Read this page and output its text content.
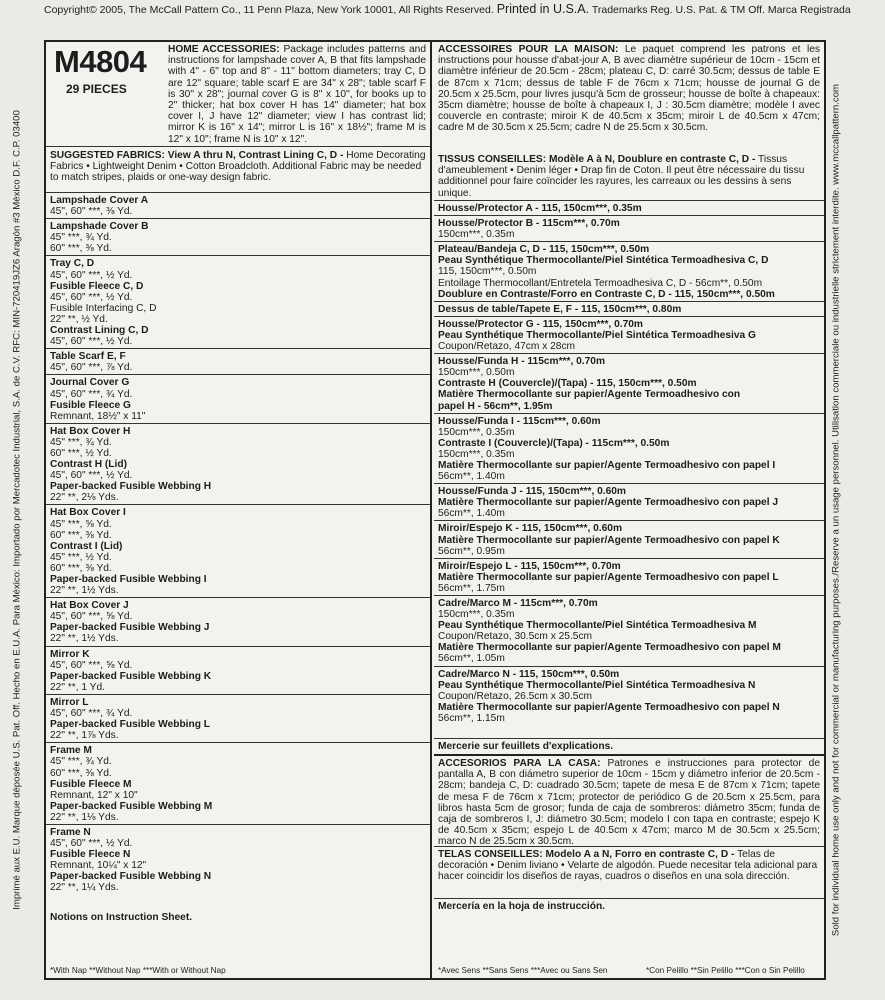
Copyright© 2005, The McCall Pattern Co., 11 Penn Plaza, New York 10001, All Rights Reserved. Printed in U.S.A. Trademarks Reg. U.S. Pat. & TM Off. Marca Registrada
Imprimé aux E.U. Marque déposée U.S. Pat. Off. Hecho en E.U.A. Para México: Importado por Mercadotec Industrial, S.A. de C.V. RFC: MIN-720419JZ6 Aragón #3 México D.F. C.P. 03400	Sold for individual home use only and not for commercial or manufacturing purposes./Reserve a un usage personnel. Utilisation commerciale ou industrielle strictement interdite. www.mccallpattern.com
M4804
29 PIECES
HOME ACCESSORIES: Package includes patterns and instructions for lampshade cover A, B that fits lampshade with 4" - 6" top and 8" - 11" bottom diameters; tray C, D are 12" square; table scarf E are 34" x 28"; table scarf F is 30" x 28"; journal cover G is 8" x 10", for books up to 2" thicker; hat box cover H has 14" diameter; hat box cover I, J have 12" diameter; view I has contrast lid; mirror K is 16" x 14"; mirror L is 16" x 18½"; frame M is 12" x 10"; frame N is 10" x 12".
SUGGESTED FABRICS: View A thru N, Contrast Lining C, D - Home Decorating Fabrics • Lightweight Denim • Cotton Broadcloth. Additional Fabric may be needed to match stripes, plaids or one-way design fabric.
Lampshade Cover A
45", 60" ***, ⅜ Yd.
Lampshade Cover B
45" ***, ¾ Yd.
60" ***, ⅜ Yd.
Tray C, D
45", 60" ***, ½ Yd.
Fusible Fleece C, D
45", 60" ***, ½ Yd.
Fusible Interfacing C, D
22" **, ½ Yd.
Contrast Lining C, D
45", 60" ***, ½ Yd.
Table Scarf E, F
45", 60" ***, ⅞ Yd.
Journal Cover G
45", 60" ***, ¾ Yd.
Fusible Fleece G
Remnant, 18½" x 11"
Hat Box Cover H
45" ***, ¾ Yd.
60" ***, ½ Yd.
Contrast H (Lid)
45", 60" ***, ½ Yd.
Paper-backed Fusible Webbing H
22" **, 2⅛ Yds.
Hat Box Cover I
45" ***, ⅝ Yd.
60" ***, ⅜ Yd.
Contrast I (Lid)
45" ***, ½ Yd.
60" ***, ⅜ Yd.
Paper-backed Fusible Webbing I
22" **, 1½ Yds.
Hat Box Cover J
45", 60" ***, ⅝ Yd.
Paper-backed Fusible Webbing J
22" **, 1½ Yds.
Mirror K
45", 60" ***, ⅝ Yd.
Paper-backed Fusible Webbing K
22" **, 1 Yd.
Mirror L
45", 60" ***, ¾ Yd.
Paper-backed Fusible Webbing L
22" **, 1⅞ Yds.
Frame M
45" ***, ¾ Yd.
60" ***, ⅜ Yd.
Fusible Fleece M
Remnant, 12" x 10"
Paper-backed Fusible Webbing M
22" **, 1⅛ Yds.
Frame N
45", 60" ***, ½ Yd.
Fusible Fleece N
Remnant, 10¼" x 12"
Paper-backed Fusible Webbing N
22" **, 1¼ Yds.
Notions on Instruction Sheet.
*With Nap **Without Nap ***With or Without Nap
ACCESSOIRES POUR LA MAISON: Le paquet comprend les patrons et les instructions pour housse d'abat-jour A, B avec diamètre supérieur de 10cm - 15cm et diamètre inférieur de 20.5cm - 28cm; plateau C, D: carré 30.5cm; dessus de table E de 87cm x 71cm; dessus de table F de 76cm x 71cm; housse de journal G de 20.5cm x 25.5cm, pour livres jusqu'à 5cm de grosseur; housse de boîte à chapeaux: 35cm diamètre; housse de boîte à chapeaux I, J : 30.5cm diamètre; modèle I avec couvercle en contraste; miroir K de 40.5cm x 35cm; miroir L de 40.5cm x 47cm; cadre M de 30.5cm x 25.5cm; cadre N de 25.5cm x 30.5cm.
TISSUS CONSEILLES: Modèle A à N, Doublure en contraste C, D - Tissus d'ameublement • Denim léger • Drap fin de Coton. Il peut être nécessaire du tissu additionnel pour faire coïncider les rayures, les carreaux ou les dessins à sens unique.
Housse/Protector A - 115, 150cm***, 0.35m
Housse/Protector B - 115cm***, 0.70m
150cm***, 0.35m
Plateau/Bandeja C, D - 115, 150cm***, 0.50m
Peau Synthétique Thermocollante/Piel Sintética Termoadhesiva C, D
115, 150cm***, 0.50m
Entoilage Thermocollant/Entretela Termoadhesiva C, D - 56cm**, 0.50m
Doublure en Contraste/Forro en Contraste C, D - 115, 150cm***, 0.50m
Dessus de table/Tapete E, F - 115, 150cm***, 0.80m
Housse/Protector G - 115, 150cm***, 0.70m
Peau Synthétique Thermocollante/Piel Sintética Termoadhesiva G
Coupon/Retazo, 47cm x 28cm
Housse/Funda H - 115cm***, 0.70m
150cm***, 0.50m
Contraste H (Couvercle)/(Tapa) - 115, 150cm***, 0.50m
Matière Thermocollante sur papier/Agente Termoadhesivo con
papel H - 56cm**, 1.95m
Housse/Funda I - 115cm***, 0.60m
150cm***, 0.35m
Contraste I (Couvercle)/(Tapa) - 115cm***, 0.50m
150cm***, 0.35m
Matière Thermocollante sur papier/Agente Termoadhesivo con papel I
56cm**, 1.40m
Housse/Funda J - 115, 150cm***, 0.60m
Matière Thermocollante sur papier/Agente Termoadhesivo con papel J
56cm**, 1.40m
Miroir/Espejo K - 115, 150cm***, 0.60m
Matière Thermocollante sur papier/Agente Termoadhesivo con papel K
56cm**, 0.95m
Miroir/Espejo L - 115, 150cm***, 0.70m
Matière Thermocollante sur papier/Agente Termoadhesivo con papel L
56cm**, 1.75m
Cadre/Marco M - 115cm***, 0.70m
150cm***, 0.35m
Peau Synthétique Thermocollante/Piel Sintética Termoadhesiva M
Coupon/Retazo, 30.5cm x 25.5cm
Matière Thermocollante sur papier/Agente Termoadhesivo con papel M
56cm**, 1.05m
Cadre/Marco N - 115, 150cm***, 0.50m
Peau Synthétique Thermocollante/Piel Sintética Termoadhesiva N
Coupon/Retazo, 26.5cm x 30.5cm
Matière Thermocollante sur papier/Agente Termoadhesivo con papel N
56cm**, 1.15m
Mercerie sur feuillets d'explications.
ACCESORIOS PARA LA CASA: Patrones e instrucciones para protector de pantalla A, B con diámetro superior de 10cm - 15cm y diámetro inferior de 20.5cm - 28cm; bandeja C, D: cuadrado 30.5cm; tapete de mesa E de 87cm x 71cm; tapete de mesa F de 76cm x 71cm; protector de periódico G de 20.5cm x 25.5cm, para libros hasta 5cm de grosor; funda de caja de sombreros: diámetro 35cm; funda de caja de sombreros I, J: diámetro 30.5cm; modelo I con tapa en contraste; espejo K de 40.5cm x 35cm; espejo L de 40.5cm x 47cm; marco M de 30.5cm x 25.5cm; marco N de 25.5cm x 30.5cm.
TELAS CONSEILLES: Modelo A a N, Forro en contraste C, D - Telas de decoración • Denim liviano • Velarte de algodón. Puede necesitar tela adicional para hacer coincidir los diseños de rayas, cuadros o diseños en una sola dirección.
Mercería en la hoja de instrucción.
*Avec Sens **Sans Sens ***Avec ou Sans Sen	*Con Pelillo **Sin Pelillo ***Con o Sin Pelillo
